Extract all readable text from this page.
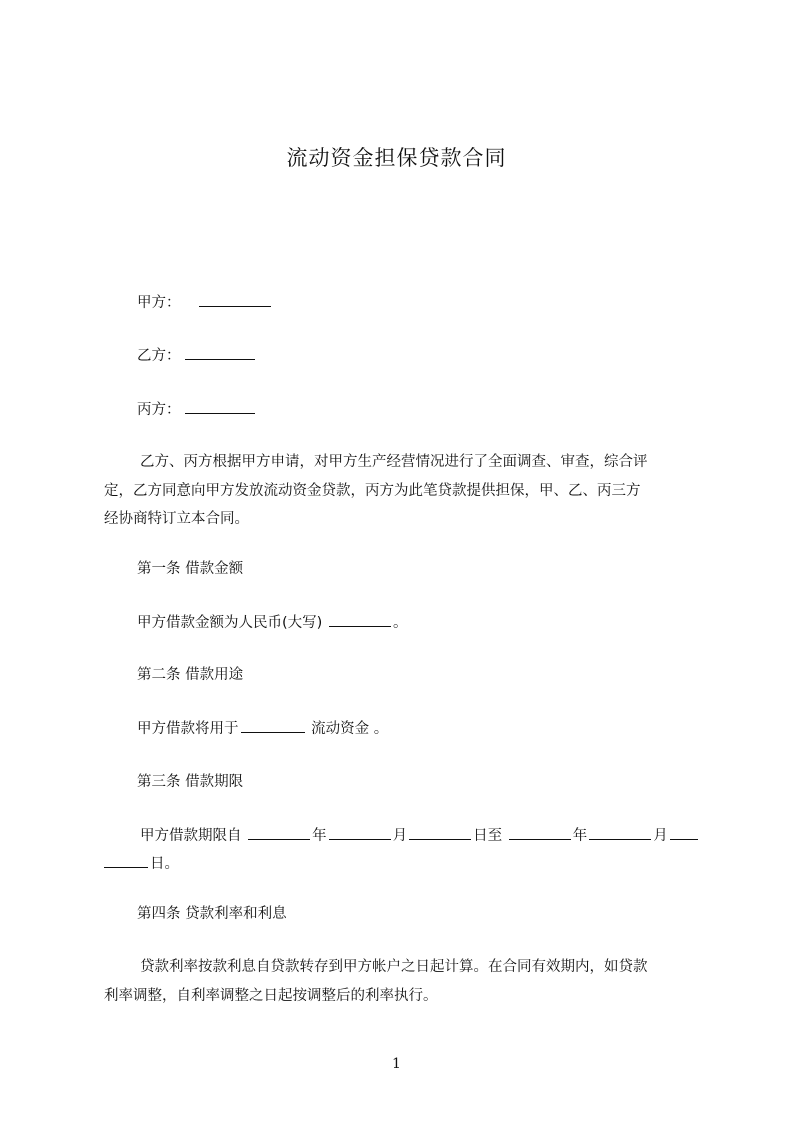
流动资金担保贷款合同
甲方：
乙方：
丙方：
乙方、丙方根据甲方申请，对甲方生产经营情况进行了全面调查、审查，综合评
定，乙方同意向甲方发放流动资金贷款，丙方为此笔贷款提供担保，甲、乙、丙三方
经协商特订立本合同。
第一条 借款金额
甲方借款金额为人民币(大写)	。
第二条 借款用途
甲方借款将用于	流动资金 。
第三条 借款期限
甲方借款期限自	年	月	日至	年	月
日。
第四条 贷款利率和利息
贷款利率按款利息自贷款转存到甲方帐户之日起计算。在合同有效期内，如贷款
利率调整，自利率调整之日起按调整后的利率执行。
1
